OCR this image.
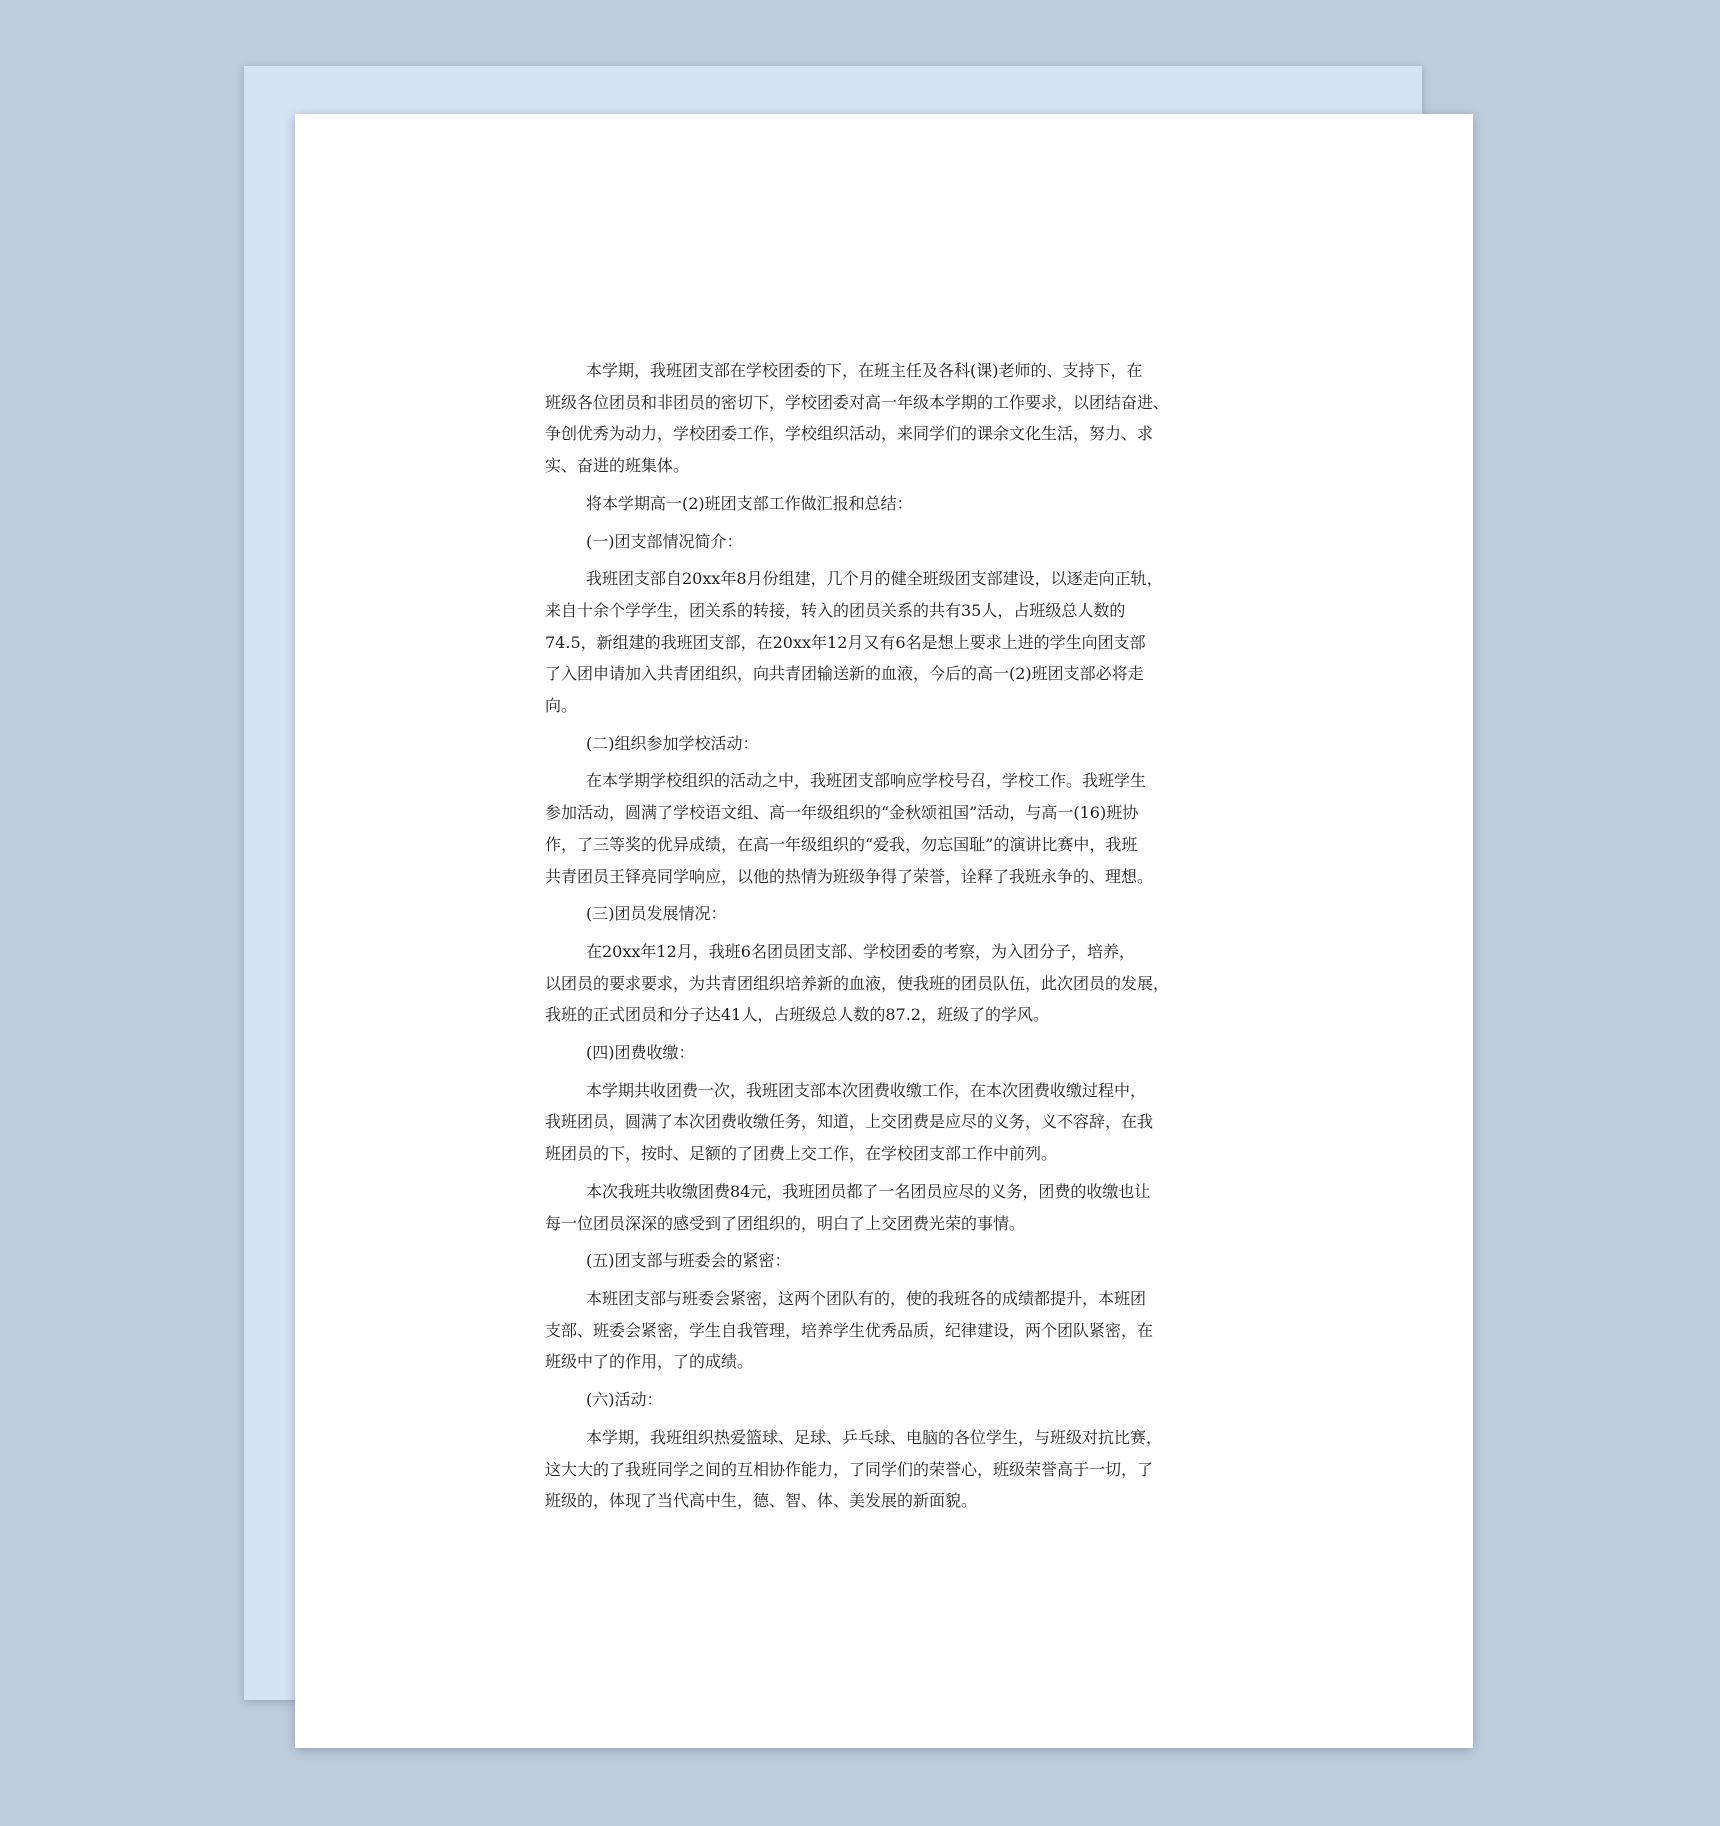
本学期，我班团支部在学校团委的下，在班主任及各科(课)老师的、支持下，在
班级各位团员和非团员的密切下，学校团委对高一年级本学期的工作要求，以团结奋进、
争创优秀为动力，学校团委工作，学校组织活动，来同学们的课余文化生活，努力、求
实、奋进的班集体。

将本学期高一(2)班团支部工作做汇报和总结：

(一)团支部情况简介：

我班团支部自20xx年8月份组建，几个月的健全班级团支部建设，以逐走向正轨，
来自十余个学学生，团关系的转接，转入的团员关系的共有35人，占班级总人数的
74.5，新组建的我班团支部，在20xx年12月又有6名是想上要求上进的学生向团支部
了入团申请加入共青团组织，向共青团输送新的血液，今后的高一(2)班团支部必将走
向。

(二)组织参加学校活动：

在本学期学校组织的活动之中，我班团支部响应学校号召，学校工作。我班学生
参加活动，圆满了学校语文组、高一年级组织的“金秋颂祖国”活动，与高一(16)班协
作，了三等奖的优异成绩，在高一年级组织的“爱我，勿忘国耻”的演讲比赛中，我班
共青团员王铎亮同学响应，以他的热情为班级争得了荣誉，诠释了我班永争的、理想。

(三)团员发展情况：

在20xx年12月，我班6名团员团支部、学校团委的考察，为入团分子，培养，
以团员的要求要求，为共青团组织培养新的血液，使我班的团员队伍，此次团员的发展，
我班的正式团员和分子达41人，占班级总人数的87.2，班级了的学风。

(四)团费收缴：

本学期共收团费一次，我班团支部本次团费收缴工作，在本次团费收缴过程中，
我班团员，圆满了本次团费收缴任务，知道，上交团费是应尽的义务，义不容辞，在我
班团员的下，按时、足额的了团费上交工作，在学校团支部工作中前列。

本次我班共收缴团费84元，我班团员都了一名团员应尽的义务，团费的收缴也让
每一位团员深深的感受到了团组织的，明白了上交团费光荣的事情。

(五)团支部与班委会的紧密：

本班团支部与班委会紧密，这两个团队有的，使的我班各的成绩都提升，本班团
支部、班委会紧密，学生自我管理，培养学生优秀品质，纪律建设，两个团队紧密，在
班级中了的作用，了的成绩。

(六)活动：

本学期，我班组织热爱篮球、足球、乒乓球、电脑的各位学生，与班级对抗比赛，
这大大的了我班同学之间的互相协作能力，了同学们的荣誉心，班级荣誉高于一切，了
班级的，体现了当代高中生，德、智、体、美发展的新面貌。
